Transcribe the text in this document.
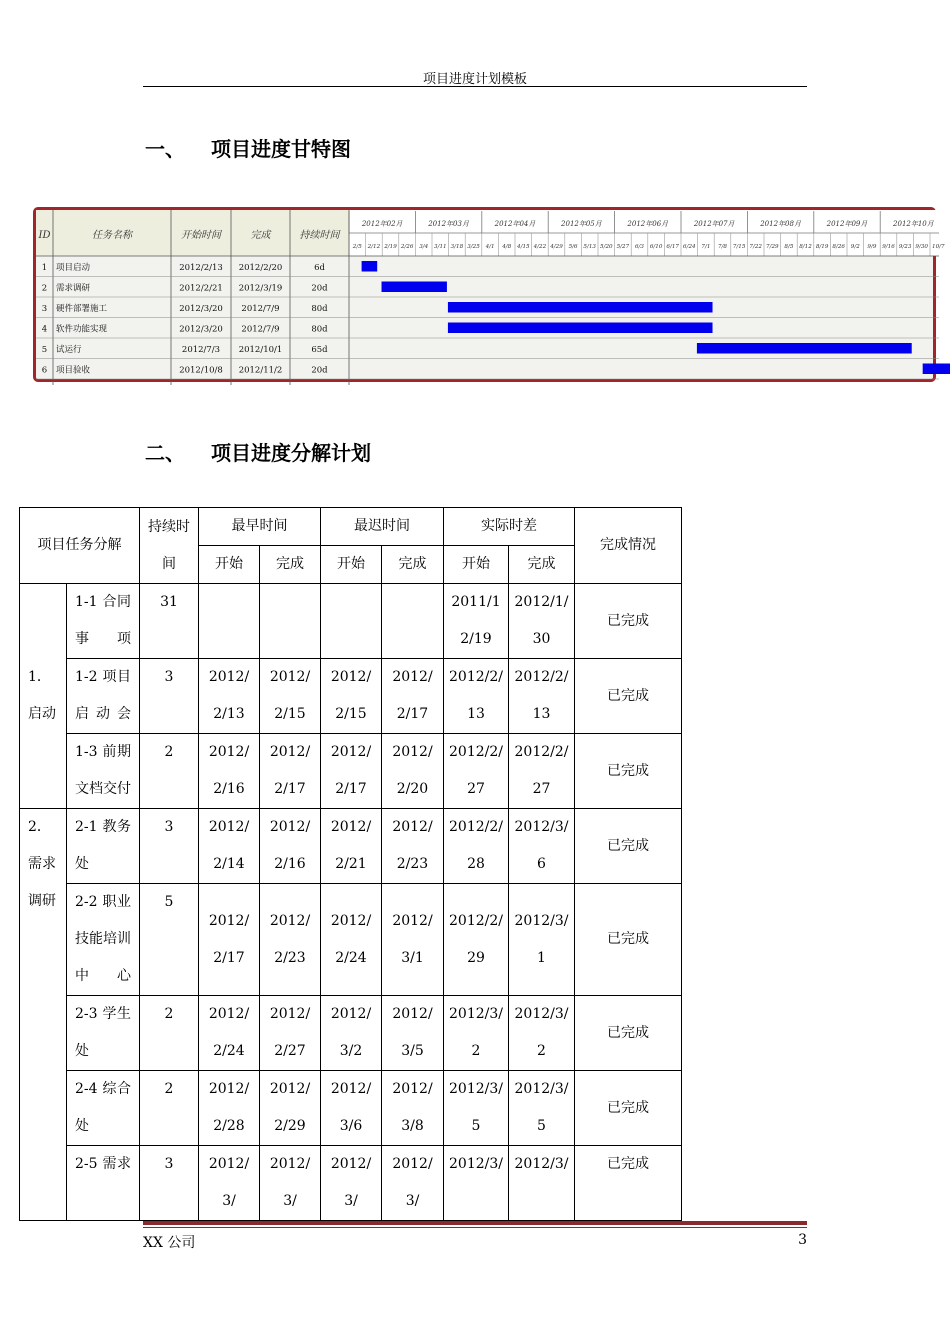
项目进度计划模板
一、 项目进度甘特图
ID	任务名称	开始时间	完成	持续时间
2012年02月	2012年03月	2012年04月	2012年05月	2012年06月	2012年07月	2012年08月	2012年09月	2012年10月
2/5 2/12 2/19 2/26 3/4 3/11 3/18 3/25 4/1 4/8 4/15 4/22 4/29 5/6 5/13 5/20 5/27 6/3 6/10 6/17 6/24 7/1 7/8 7/15 7/22 7/29 8/5 8/12 8/19 8/26 9/2 9/9 9/16 9/23 9/30 10/7
1 项目启动	2012/2/13 2012/2/20	6d
2 需求调研	2012/2/21 2012/3/19	20d
3 硬件部署施工	2012/3/20 2012/7/9	80d
4 软件功能实现	2012/3/20 2012/7/9	80d
5 试运行	2012/7/3 2012/10/1	65d
6 项目验收	2012/10/8 2012/11/2	20d
二、 项目进度分解计划
项目任务分解		持续时间	最早时间		最迟时间		实际时差		完成情况
			开始	完成	开始	完成	开始	完成	
1．启动	1-1 合同事项	31					2011/12/19	2012/1/30	已完成
	1-2 项目启动会	3	2012/2/13	2012/2/15	2012/2/15	2012/2/17	2012/2/13	2012/2/13	已完成
	1-3 前期文档交付	2	2012/2/16	2012/2/17	2012/2/17	2012/2/20	2012/2/27	2012/2/27	已完成
2．需求调研	2-1 教务处	3	2012/2/14	2012/2/16	2012/2/21	2012/2/23	2012/2/28	2012/3/6	已完成
	2-2 职业技能培训中心	5	2012/2/17	2012/2/23	2012/2/24	2012/3/1	2012/2/29	2012/3/1	已完成
	2-3 学生处	2	2012/2/24	2012/2/27	2012/3/2	2012/3/5	2012/3/2	2012/3/2	已完成
	2-4 综合处	2	2012/2/28	2012/2/29	2012/3/6	2012/3/8	2012/3/5	2012/3/5	已完成
	2-5 需求	3	2012/3/	2012/3/	2012/3/	2012/3/	2012/3/	2012/3/	已完成
XX 公司	3
